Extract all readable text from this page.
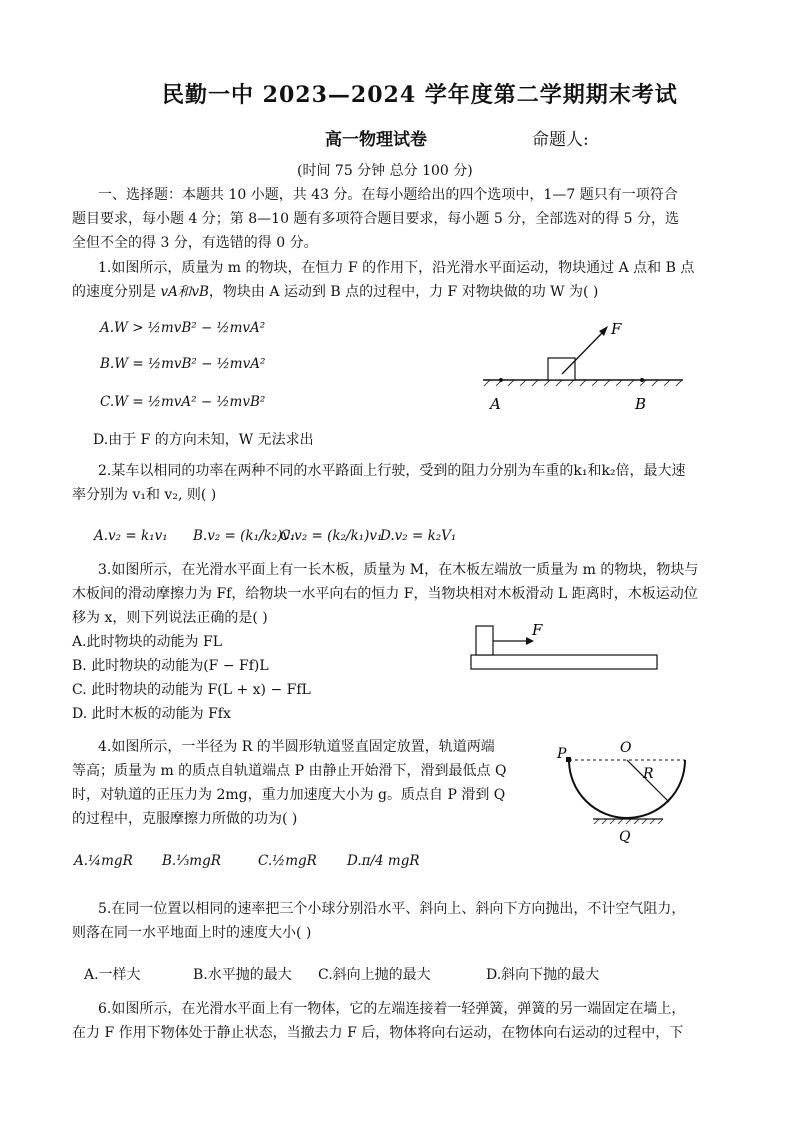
民勤一中 2023—2024 学年度第二学期期末考试
高一物理试卷	命题人:
(时间 75 分钟 总分 100 分)
一、选择题：本题共 10 小题，共 43 分。在每小题给出的四个选项中，1—7 题只有一项符合
题目要求，每小题 4 分；第 8—10 题有多项符合题目要求，每小题 5 分，全部选对的得 5 分，选
全但不全的得 3 分，有选错的得 0 分。
1.如图所示，质量为 m 的物块，在恒力 F 的作用下，沿光滑水平面运动，物块通过 A 点和 B 点
的速度分别是 vA和vB，物块由 A 运动到 B 点的过程中，力 F 对物块做的功 W 为( )
A.W > ½mvB² − ½mvA²
B.W = ½mvB² − ½mvA²
C.W = ½mvA² − ½mvB²
D.由于 F 的方向未知，W 无法求出
F
A	B
2.某车以相同的功率在两种不同的水平路面上行驶，受到的阻力分别为车重的k₁和k₂倍，最大速
率分别为 v₁和 v₂, 则( )
A.v₂ = k₁v₁ B.v₂ = (k₁/k₂)v₁
C.v₂ = (k₂/k₁)v₁
D.v₂ = k₂V₁
3.如图所示，在光滑水平面上有一长木板，质量为 M，在木板左端放一质量为 m 的物块，物块与
木板间的滑动摩擦力为 Ff，给物块一水平向右的恒力 F，当物块相对木板滑动 L 距离时，木板运动位
移为 x，则下列说法正确的是( )
A.此时物块的动能为 FL
B. 此时物块的动能为(F − Ff)L
C. 此时物块的动能为 F(L + x) − FfL
D. 此时木板的动能为 Ffx
F
4.如图所示，一半径为 R 的半圆形轨道竖直固定放置，轨道两端
等高；质量为 m 的质点自轨道端点 P 由静止开始滑下，滑到最低点 Q
时，对轨道的正压力为 2mg，重力加速度大小为 g。质点自 P 滑到 Q
的过程中，克服摩擦力所做的功为( )
A.¼mgR B.⅓mgR	C.½mgR D.π/4 mgR
P	O
R
Q
5.在同一位置以相同的速率把三个小球分别沿水平、斜向上、斜向下方向抛出，不计空气阻力，
则落在同一水平地面上时的速度大小( )
A.一样大	B.水平抛的最大 C.斜向上抛的最大	D.斜向下抛的最大
6.如图所示，在光滑水平面上有一物体，它的左端连接着一轻弹簧，弹簧的另一端固定在墙上，
在力 F 作用下物体处于静止状态，当撤去力 F 后，物体将向右运动，在物体向右运动的过程中，下
